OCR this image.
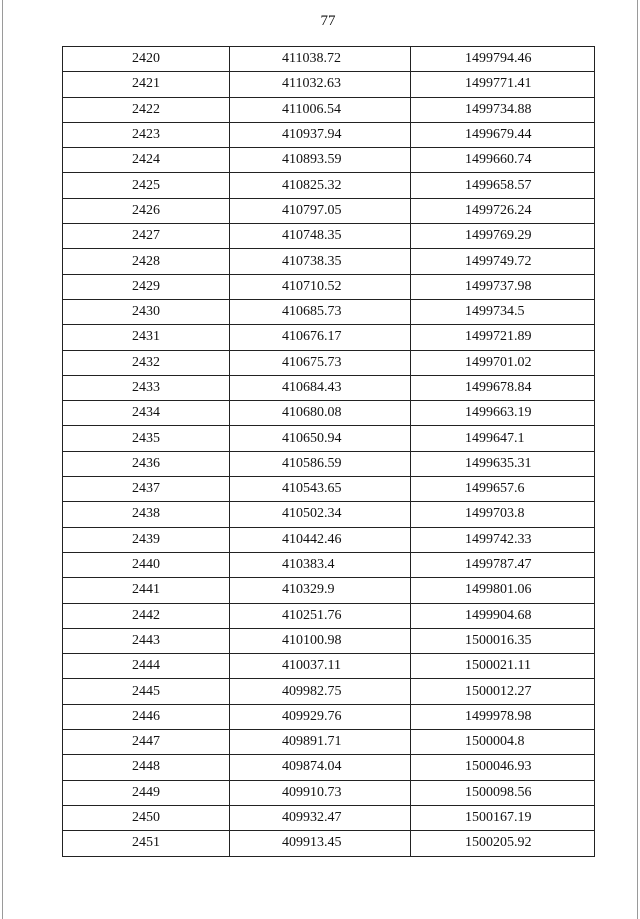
77
2420	411038.72	1499794.46
2421	411032.63	1499771.41
2422	411006.54	1499734.88
2423	410937.94	1499679.44
2424	410893.59	1499660.74
2425	410825.32	1499658.57
2426	410797.05	1499726.24
2427	410748.35	1499769.29
2428	410738.35	1499749.72
2429	410710.52	1499737.98
2430	410685.73	1499734.5
2431	410676.17	1499721.89
2432	410675.73	1499701.02
2433	410684.43	1499678.84
2434	410680.08	1499663.19
2435	410650.94	1499647.1
2436	410586.59	1499635.31
2437	410543.65	1499657.6
2438	410502.34	1499703.8
2439	410442.46	1499742.33
2440	410383.4	1499787.47
2441	410329.9	1499801.06
2442	410251.76	1499904.68
2443	410100.98	1500016.35
2444	410037.11	1500021.11
2445	409982.75	1500012.27
2446	409929.76	1499978.98
2447	409891.71	1500004.8
2448	409874.04	1500046.93
2449	409910.73	1500098.56
2450	409932.47	1500167.19
2451	409913.45	1500205.92
